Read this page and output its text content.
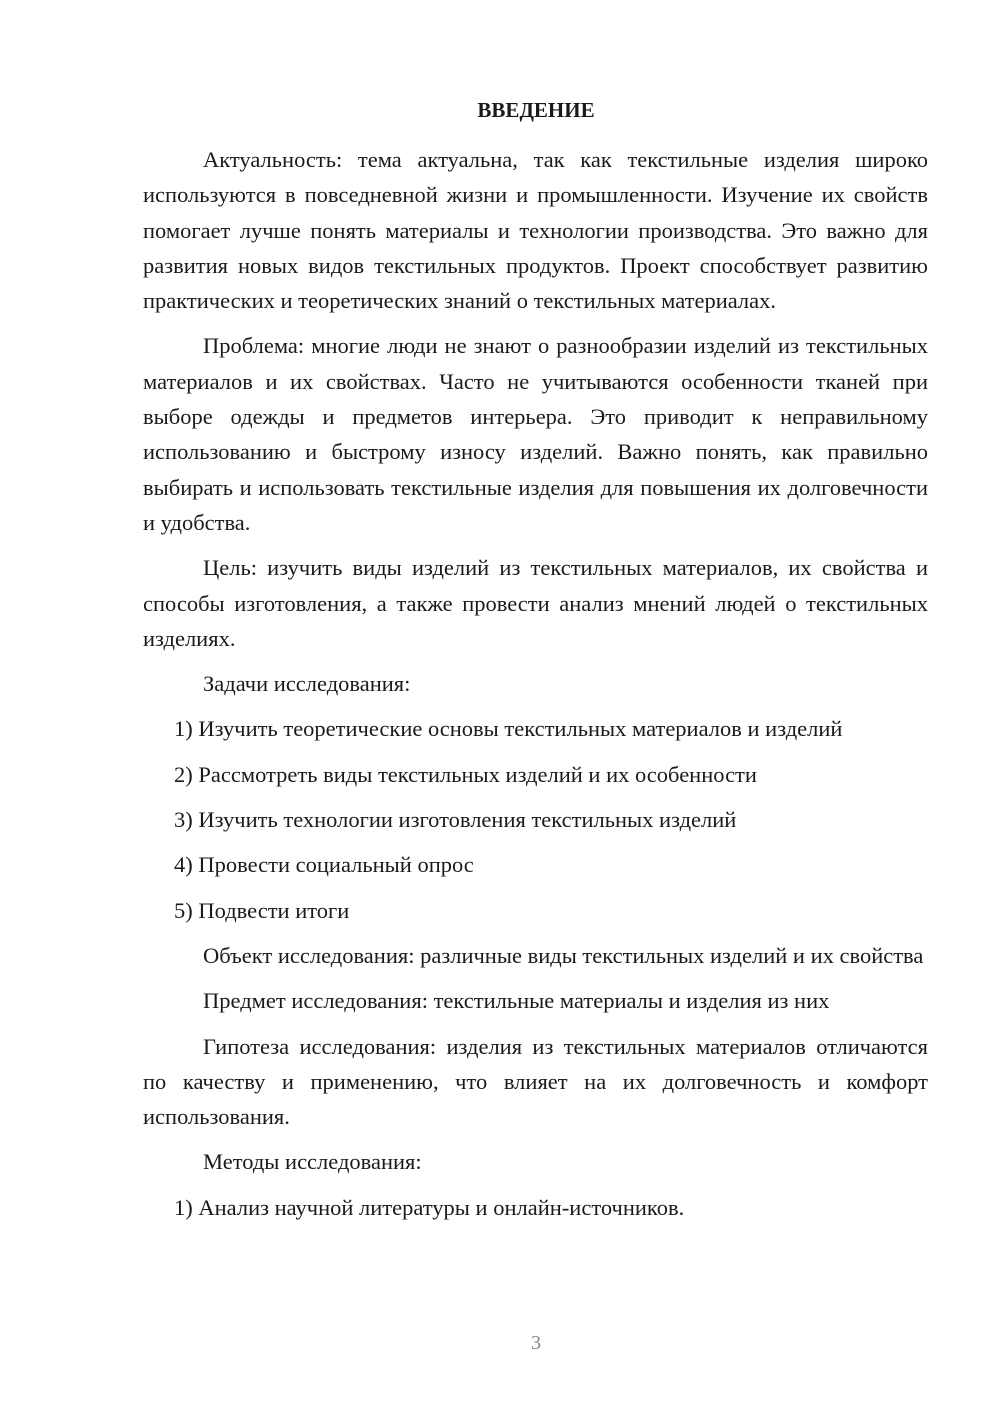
ВВЕДЕНИЕ

Актуальность: тема актуальна, так как текстильные изделия широко используются в повседневной жизни и промышленности. Изучение их свойств помогает лучше понять материалы и технологии производства. Это важно для развития новых видов текстильных продуктов. Проект способствует развитию практических и теоретических знаний о текстильных материалах.

Проблема: многие люди не знают о разнообразии изделий из текстильных материалов и их свойствах. Часто не учитываются особенности тканей при выборе одежды и предметов интерьера. Это приводит к неправильному использованию и быстрому износу изделий. Важно понять, как правильно выбирать и использовать текстильные изделия для повышения их долговечности и удобства.

Цель: изучить виды изделий из текстильных материалов, их свойства и способы изготовления, а также провести анализ мнений людей о текстильных изделиях.

Задачи исследования:

1) Изучить теоретические основы текстильных материалов и изделий

2) Рассмотреть виды текстильных изделий и их особенности

3) Изучить технологии изготовления текстильных изделий

4) Провести социальный опрос

5) Подвести итоги

Объект исследования: различные виды текстильных изделий и их свойства

Предмет исследования: текстильные материалы и изделия из них

Гипотеза исследования: изделия из текстильных материалов отличаются по качеству и применению, что влияет на их долговечность и комфорт использования.

Методы исследования:

1) Анализ научной литературы и онлайн-источников.

3
